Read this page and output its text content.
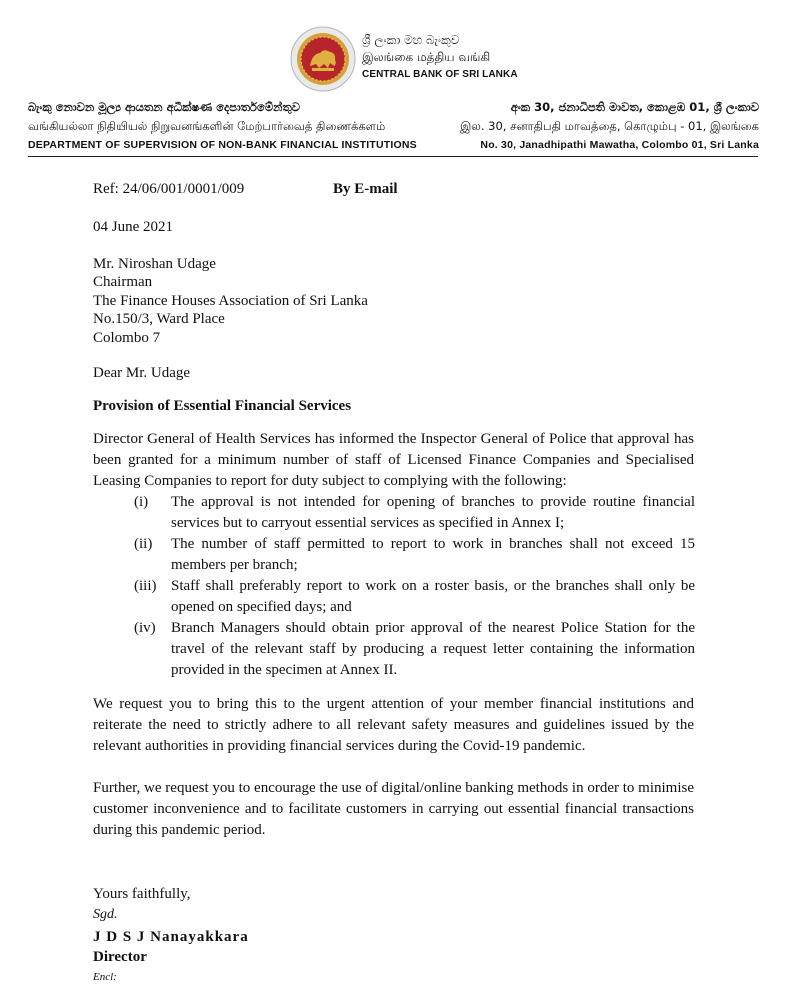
ශ්‍රී ලංකා මහ බැංකුව
இலங்கை மத்திய வங்கி
CENTRAL BANK OF SRI LANKA
බැංකු නොවන මූල්‍ය ආයතන අධීක්ෂණ දෙපාර්තමේන්තුව
வங்கியல்லா நிதியியல் நிறுவனங்களின் மேற்பார்வைத் திணைக்களம்
DEPARTMENT OF SUPERVISION OF NON-BANK FINANCIAL INSTITUTIONS
අංක 30, ජනාධිපති මාවත, කොළඹ 01, ශ්‍රී ලංකාව
இல. 30, சனாதிபதி மாவத்தை, கொழும்பு - 01, இலங்கை
No. 30, Janadhipathi Mawatha, Colombo 01, Sri Lanka
Ref: 24/06/001/0001/009	By E-mail
04 June 2021
Mr. Niroshan Udage
Chairman
The Finance Houses Association of Sri Lanka
No.150/3, Ward Place
Colombo 7
Dear Mr. Udage
Provision of Essential Financial Services
Director General of Health Services has informed the Inspector General of Police that approval has been granted for a minimum number of staff of Licensed Finance Companies and Specialised Leasing Companies to report for duty subject to complying with the following:
(i)	The approval is not intended for opening of branches to provide routine financial services but to carryout essential services as specified in Annex I;
(ii)	The number of staff permitted to report to work in branches shall not exceed 15 members per branch;
(iii) Staff shall preferably report to work on a roster basis, or the branches shall only be opened on specified days; and
(iv)	Branch Managers should obtain prior approval of the nearest Police Station for the travel of the relevant staff by producing a request letter containing the information provided in the specimen at Annex II.
We request you to bring this to the urgent attention of your member financial institutions and reiterate the need to strictly adhere to all relevant safety measures and guidelines issued by the relevant authorities in providing financial services during the Covid-19 pandemic.
Further, we request you to encourage the use of digital/online banking methods in order to minimise customer inconvenience and to facilitate customers in carrying out essential financial transactions during this pandemic period.
Yours faithfully,
Sgd.
J D S J Nanayakkara
Director
Encl:
